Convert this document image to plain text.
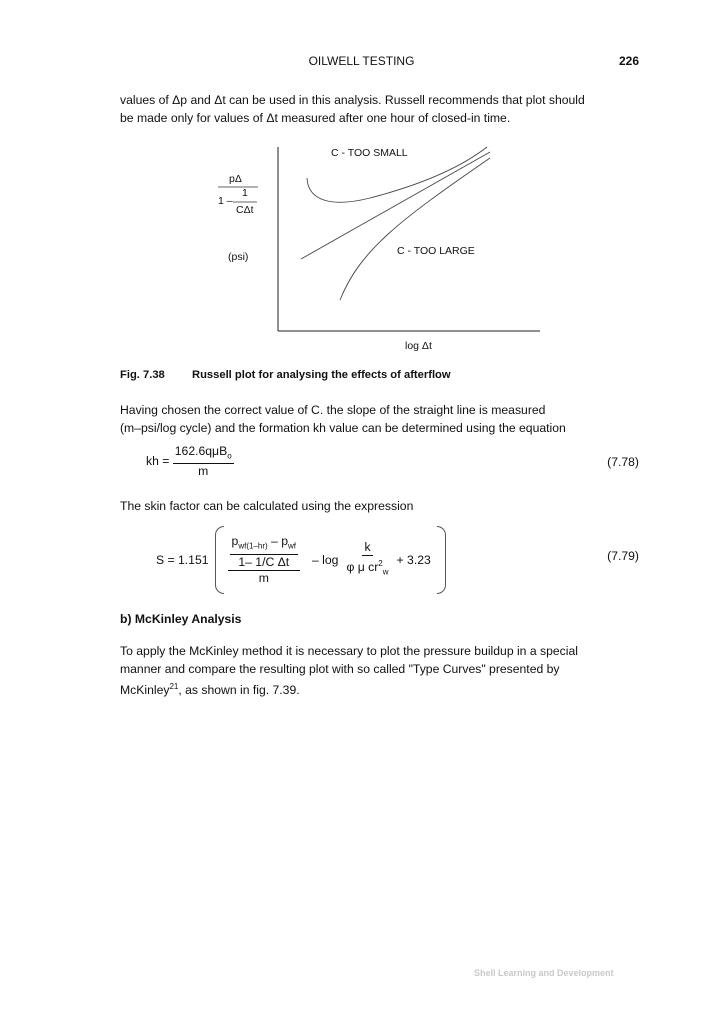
OILWELL TESTING	226
values of Δp and Δt can be used in this analysis. Russell recommends that plot should
be made only for values of Δt measured after one hour of closed-in time.
pΔ
1 –
1
CΔt
(psi)
C - TOO SMALL
C - TOO LARGE
log Δt
Fig. 7.38 Russell plot for analysing the effects of afterflow
Having chosen the correct value of C. the slope of the straight line is measured
(m–psi/log cycle) and the formation kh value can be determined using the equation
kh = $\frac{162.6q\mu B_o}{m}$	(7.78)
The skin factor can be calculated using the expression
$S = 1.151 \frac{\frac{p_{wf(1-hr)} - p_{wf}}{\text{1– 1/C Δt}}}{m} - \log \frac{k}{\varphi \mu cr^2_w} + 3.23$	(7.79)
b) McKinley Analysis
To apply the McKinley method it is necessary to plot the pressure buildup in a special
manner and compare the resulting plot with so called "Type Curves" presented by
McKinley$^{21}$, as shown in fig. 7.39.
Shell Learning and Development
